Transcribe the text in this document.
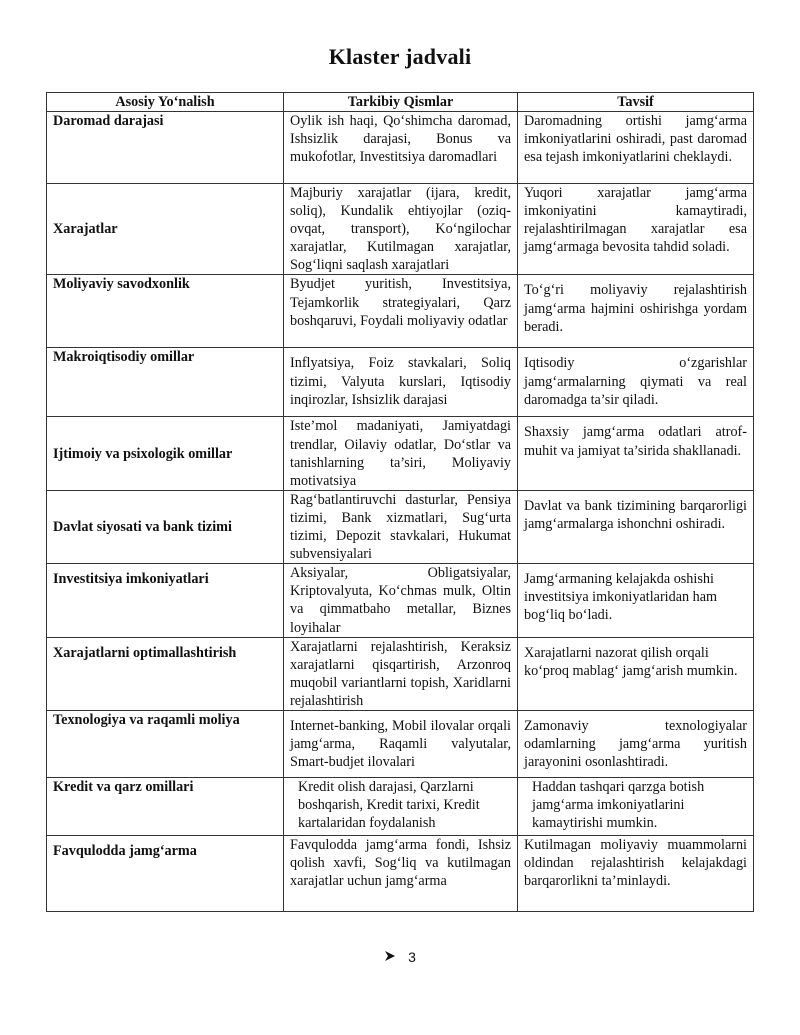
Klaster jadvali
Asosiy Yo‘nalish	Tarkibiy Qismlar	Tavsif
Daromad darajasi	Oylik ish haqi, Qo‘shimcha daromad, Ishsizlik darajasi, Bonus va mukofotlar, Investitsiya daromadlari	Daromadning ortishi jamg‘arma imkoniyatlarini oshiradi, past daromad esa tejash imkoniyatlarini cheklaydi.

Xarajatlar	Majburiy xarajatlar (ijara, kredit, soliq), Kundalik ehtiyojlar (oziq-ovqat, transport), Ko‘ngilochar xarajatlar, Kutilmagan xarajatlar, Sog‘liqni saqlash xarajatlari	Yuqori xarajatlar jamg‘arma imkoniyatini kamaytiradi, rejalashtirilmagan xarajatlar esa jamg‘armaga bevosita tahdid soladi.

Moliyaviy savodxonlik	Byudjet yuritish, Investitsiya, Tejamkorlik strategiyalari, Qarz boshqaruvi, Foydali moliyaviy odatlar	To‘g‘ri moliyaviy rejalashtirish jamg‘arma hajmini oshirishga yordam beradi.

Makroiqtisodiy omillar	Inflyatsiya, Foiz stavkalari, Soliq tizimi, Valyuta kurslari, Iqtisodiy inqirozlar, Ishsizlik darajasi	Iqtisodiy o‘zgarishlar jamg‘armalarning qiymati va real daromadga ta’sir qiladi.

Ijtimoiy va psixologik omillar	Iste’mol madaniyati, Jamiyatdagi trendlar, Oilaviy odatlar, Do‘stlar va tanishlarning ta’siri, Moliyaviy motivatsiya	Shaxsiy jamg‘arma odatlari atrof-muhit va jamiyat ta’sirida shakllanadi.

Davlat siyosati va bank tizimi	Rag‘batlantiruvchi dasturlar, Pensiya tizimi, Bank xizmatlari, Sug‘urta tizimi, Depozit stavkalari, Hukumat subvensiyalari	Davlat va bank tizimining barqarorligi jamg‘armalarga ishonchni oshiradi.

Investitsiya imkoniyatlari	Aksiyalar, Obligatsiyalar, Kriptovalyuta, Ko‘chmas mulk, Oltin va qimmatbaho metallar, Biznes loyihalar	Jamg‘armaning kelajakda oshishi investitsiya imkoniyatlaridan ham bog‘liq bo‘ladi.

Xarajatlarni optimallashtirish	Xarajatlarni rejalashtirish, Keraksiz xarajatlarni qisqartirish, Arzonroq muqobil variantlarni topish, Xaridlarni rejalashtirish	Xarajatlarni nazorat qilish orqali ko‘proq mablag‘ jamg‘arish mumkin.

Texnologiya va raqamli moliya	Internet-banking, Mobil ilovalar orqali jamg‘arma, Raqamli valyutalar, Smart-budjet ilovalari	Zamonaviy texnologiyalar odamlarning jamg‘arma yuritish jarayonini osonlashtiradi.

Kredit va qarz omillari	Kredit olish darajasi, Qarzlarni boshqarish, Kredit tarixi, Kredit kartalaridan foydalanish	Haddan tashqari qarzga botish jamg‘arma imkoniyatlarini kamaytirishi mumkin.

Favqulodda jamg‘arma	Favqulodda jamg‘arma fondi, Ishsiz qolish xavfi, Sog‘liq va kutilmagan xarajatlar uchun jamg‘arma	Kutilmagan moliyaviy muammolarni oldindan rejalashtirish kelajakdagi barqarorlikni ta’minlaydi.
3
